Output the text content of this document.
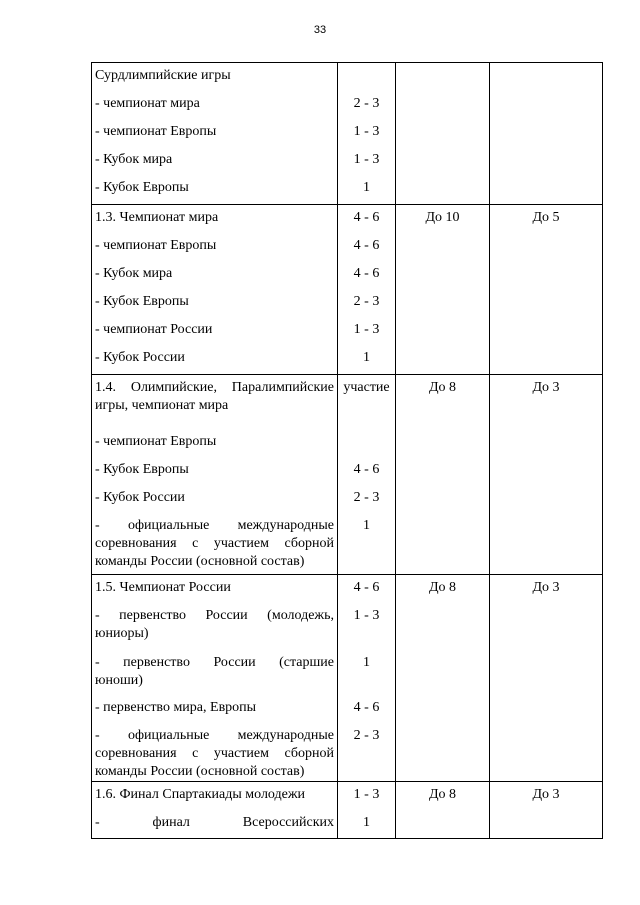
33
Сурдлимпийские игры			

- чемпионат мира	2 - 3		

- чемпионат Европы	1 - 3		

- Кубок мира	1 - 3		

- Кубок Европы	1		

1.3. Чемпионат мира	4 - 6	До 10	До 5

- чемпионат Европы	4 - 6		

- Кубок мира	4 - 6		

- Кубок Европы	2 - 3		

- чемпионат России	1 - 3		

- Кубок России	1		

1.4. Олимпийские, Паралимпийские
игры, чемпионат мира	участие	До 8	До 3

- чемпионат Европы			

- Кубок Европы	4 - 6		

- Кубок России	2 - 3		

- официальные международные
соревнования с участием сборной
команды России (основной состав)	1		

1.5. Чемпионат России	4 - 6	До 8	До 3

- первенство России (молодежь,
юниоры)	1 - 3		

- первенство России (старшие
юноши)	1		

- первенство мира, Европы	4 - 6		

- официальные международные
соревнования с участием сборной
команды России (основной состав)	2 - 3		

1.6. Финал Спартакиады молодежи	1 - 3	До 8	До 3

- финал Всероссийских	1		
